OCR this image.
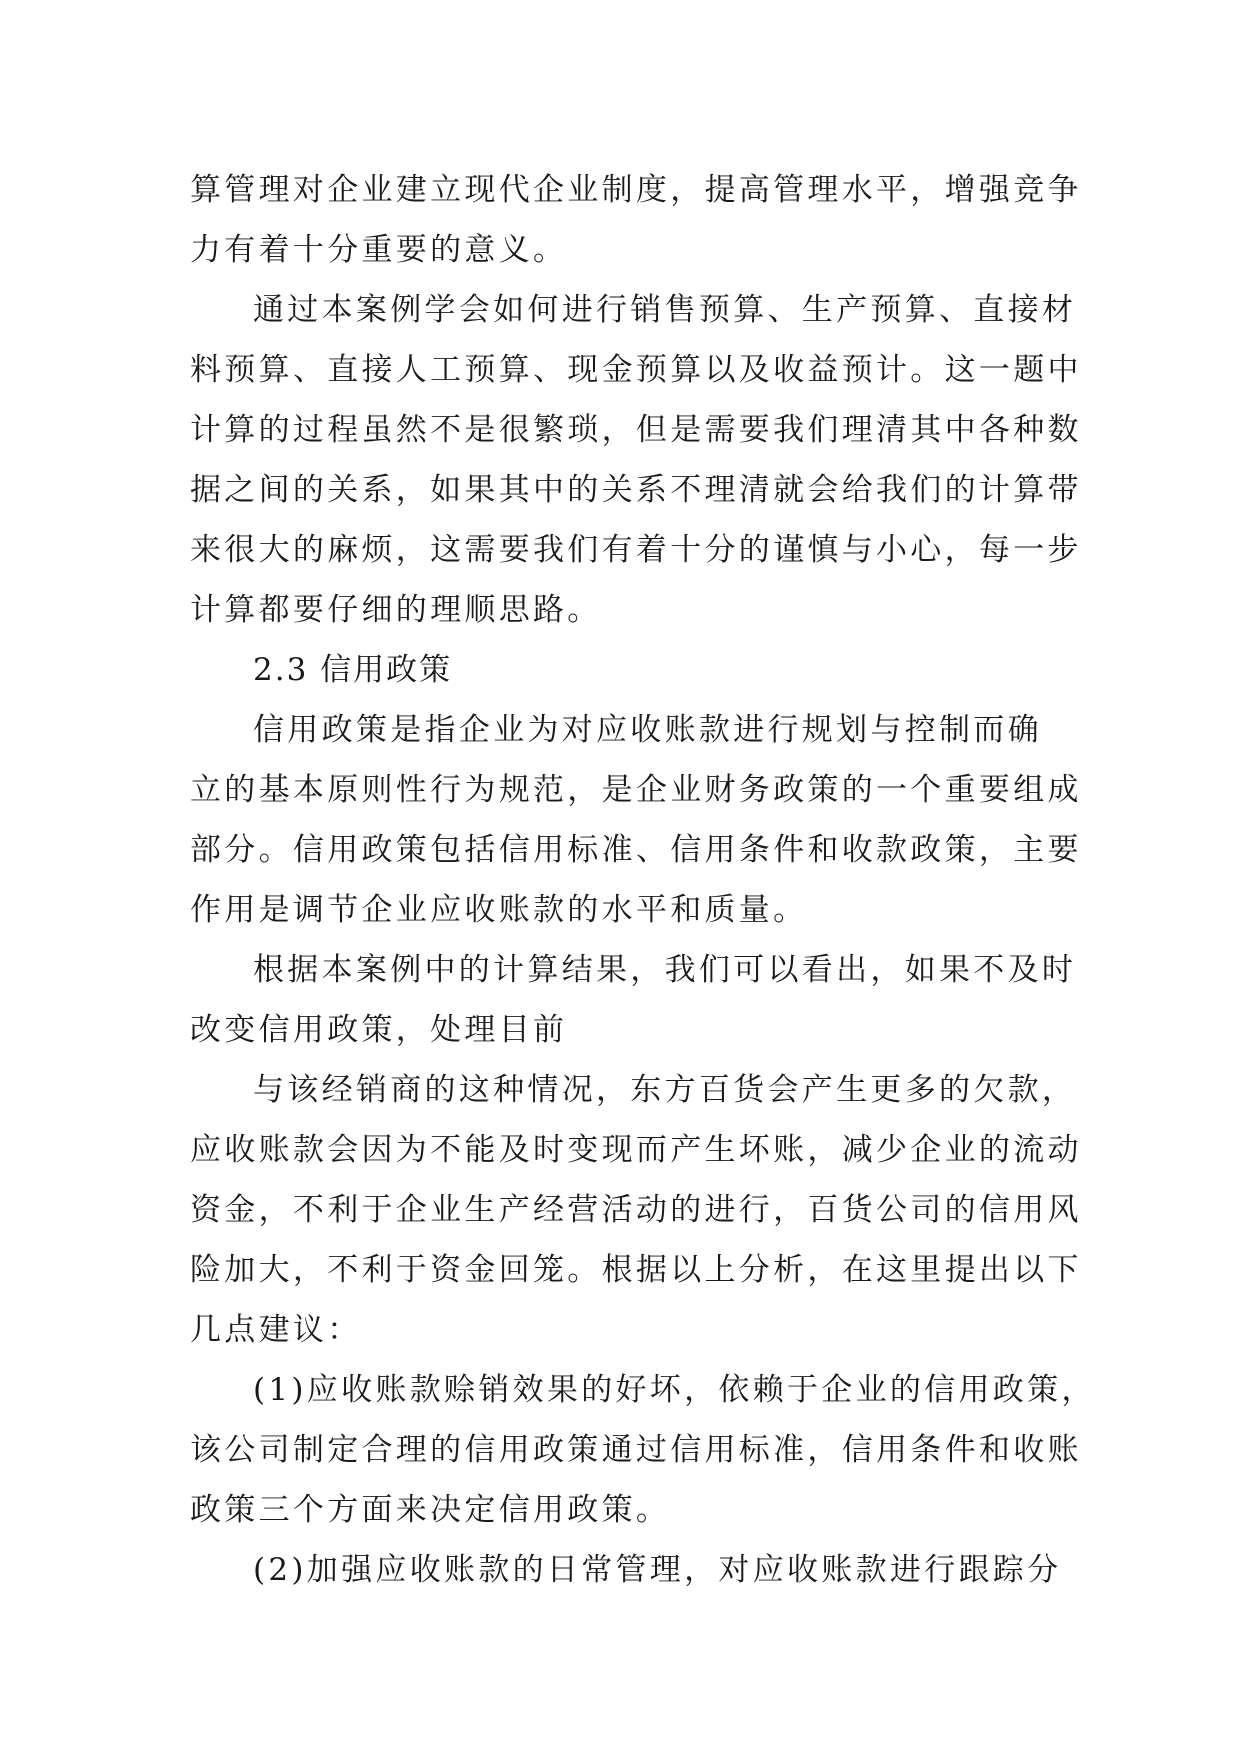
算管理对企业建立现代企业制度，提高管理水平，增强竞争
力有着十分重要的意义。
通过本案例学会如何进行销售预算、生产预算、直接材
料预算、直接人工预算、现金预算以及收益预计。这一题中
计算的过程虽然不是很繁琐，但是需要我们理清其中各种数
据之间的关系，如果其中的关系不理清就会给我们的计算带
来很大的麻烦，这需要我们有着十分的谨慎与小心，每一步
计算都要仔细的理顺思路。
2.3 信用政策
信用政策是指企业为对应收账款进行规划与控制而确
立的基本原则性行为规范，是企业财务政策的一个重要组成
部分。信用政策包括信用标准、信用条件和收款政策，主要
作用是调节企业应收账款的水平和质量。
根据本案例中的计算结果，我们可以看出，如果不及时
改变信用政策，处理目前
与该经销商的这种情况，东方百货会产生更多的欠款，
应收账款会因为不能及时变现而产生坏账，减少企业的流动
资金，不利于企业生产经营活动的进行，百货公司的信用风
险加大，不利于资金回笼。根据以上分析，在这里提出以下
几点建议：
(1)应收账款赊销效果的好坏，依赖于企业的信用政策，
该公司制定合理的信用政策通过信用标准，信用条件和收账
政策三个方面来决定信用政策。
(2)加强应收账款的日常管理，对应收账款进行跟踪分
